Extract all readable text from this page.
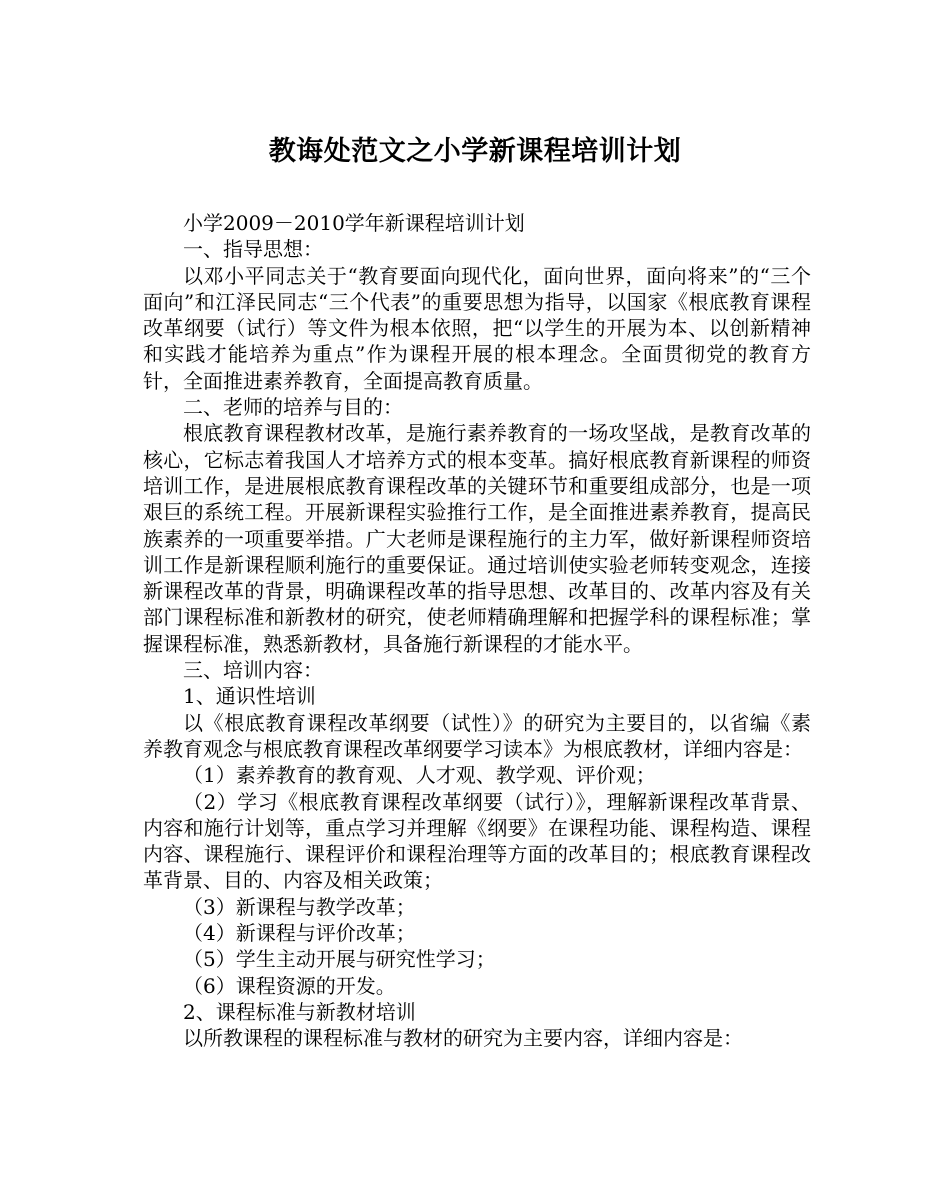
教诲处范文之小学新课程培训计划

小学2009－2010学年新课程培训计划

一、指导思想：

以邓小平同志关于“教育要面向现代化，面向世界，面向将来”的“三个面向”和江泽民同志“三个代表”的重要思想为指导，以国家《根底教育课程改革纲要（试行）等文件为根本依照，把“以学生的开展为本、以创新精神和实践才能培养为重点”作为课程开展的根本理念。全面贯彻党的教育方针，全面推进素养教育，全面提高教育质量。

二、老师的培养与目的：

根底教育课程教材改革，是施行素养教育的一场攻坚战，是教育改革的核心，它标志着我国人才培养方式的根本变革。搞好根底教育新课程的师资培训工作，是进展根底教育课程改革的关键环节和重要组成部分，也是一项艰巨的系统工程。开展新课程实验推行工作，是全面推进素养教育，提高民族素养的一项重要举措。广大老师是课程施行的主力军，做好新课程师资培训工作是新课程顺利施行的重要保证。通过培训使实验老师转变观念，连接新课程改革的背景，明确课程改革的指导思想、改革目的、改革内容及有关部门课程标准和新教材的研究，使老师精确理解和把握学科的课程标准；掌握课程标准，熟悉新教材，具备施行新课程的才能水平。

三、培训内容：

1、通识性培训

以《根底教育课程改革纲要（试性）》的研究为主要目的，以省编《素养教育观念与根底教育课程改革纲要学习读本》为根底教材，详细内容是：

（1）素养教育的教育观、人才观、教学观、评价观；

（2）学习《根底教育课程改革纲要（试行）》，理解新课程改革背景、内容和施行计划等，重点学习并理解《纲要》在课程功能、课程构造、课程内容、课程施行、课程评价和课程治理等方面的改革目的；根底教育课程改革背景、目的、内容及相关政策；

（3）新课程与教学改革；

（4）新课程与评价改革；

（5）学生主动开展与研究性学习；

（6）课程资源的开发。

2、课程标准与新教材培训

以所教课程的课程标准与教材的研究为主要内容，详细内容是：
